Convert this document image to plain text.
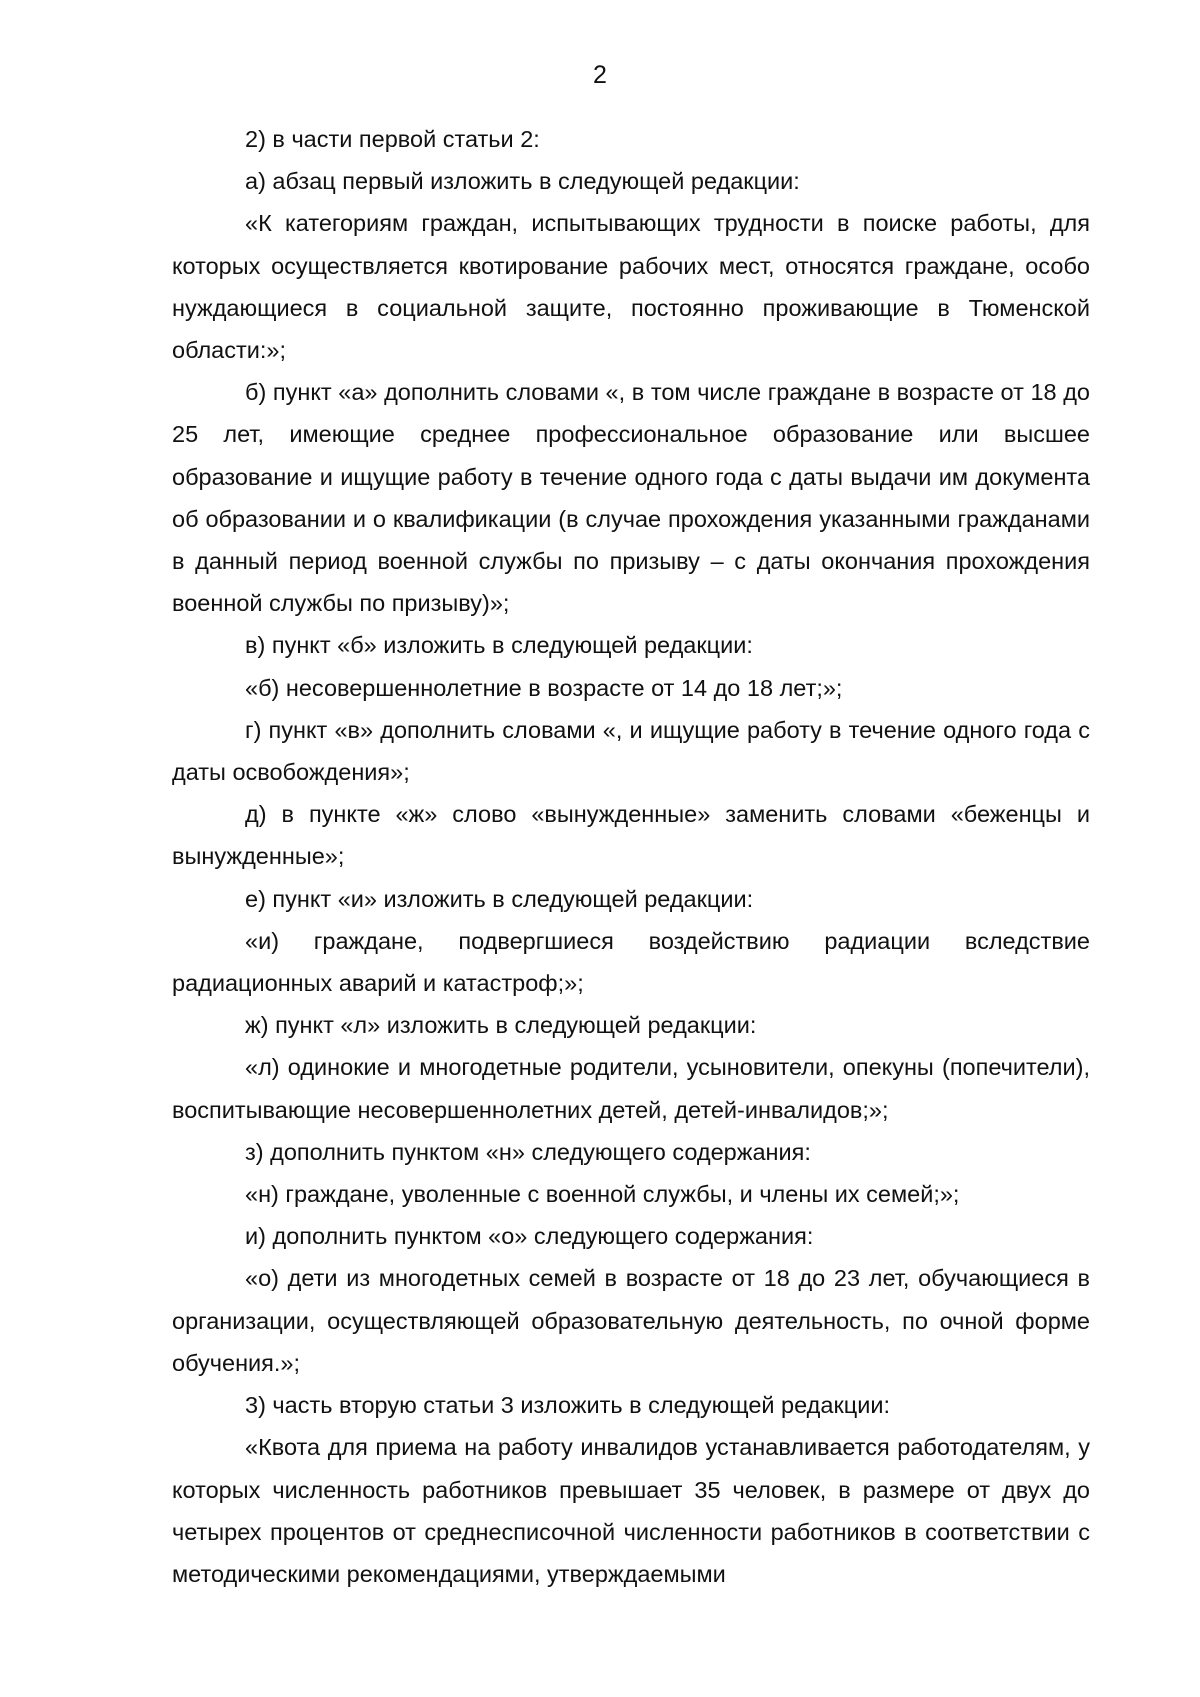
2

2) в части первой статьи 2:

а) абзац первый изложить в следующей редакции:

«К категориям граждан, испытывающих трудности в поиске работы, для которых осуществляется квотирование рабочих мест, относятся граждане, особо нуждающиеся в социальной защите, постоянно проживающие в Тюменской области:»;

б) пункт «а» дополнить словами «, в том числе граждане в возрасте от 18 до 25 лет, имеющие среднее профессиональное образование или высшее образование и ищущие работу в течение одного года с даты выдачи им документа об образовании и о квалификации (в случае прохождения указанными гражданами в данный период военной службы по призыву – с даты окончания прохождения военной службы по призыву)»;

в) пункт «б» изложить в следующей редакции:

«б) несовершеннолетние в возрасте от 14 до 18 лет;»;

г) пункт «в» дополнить словами «, и ищущие работу в течение одного года с даты освобождения»;

д) в пункте «ж» слово «вынужденные» заменить словами «беженцы и вынужденные»;

е) пункт «и» изложить в следующей редакции:

«и) граждане, подвергшиеся воздействию радиации вследствие радиационных аварий и катастроф;»;

ж) пункт «л» изложить в следующей редакции:

«л) одинокие и многодетные родители, усыновители, опекуны (попечители), воспитывающие несовершеннолетних детей, детей-инвалидов;»;

з) дополнить пунктом «н» следующего содержания:

«н) граждане, уволенные с военной службы, и члены их семей;»;

и) дополнить пунктом «о» следующего содержания:

«о) дети из многодетных семей в возрасте от 18 до 23 лет, обучающиеся в организации, осуществляющей образовательную деятельность, по очной форме обучения.»;

3) часть вторую статьи 3 изложить в следующей редакции:

«Квота для приема на работу инвалидов устанавливается работодателям, у которых численность работников превышает 35 человек, в размере от двух до четырех процентов от среднесписочной численности работников в соответствии с методическими рекомендациями, утверждаемыми
